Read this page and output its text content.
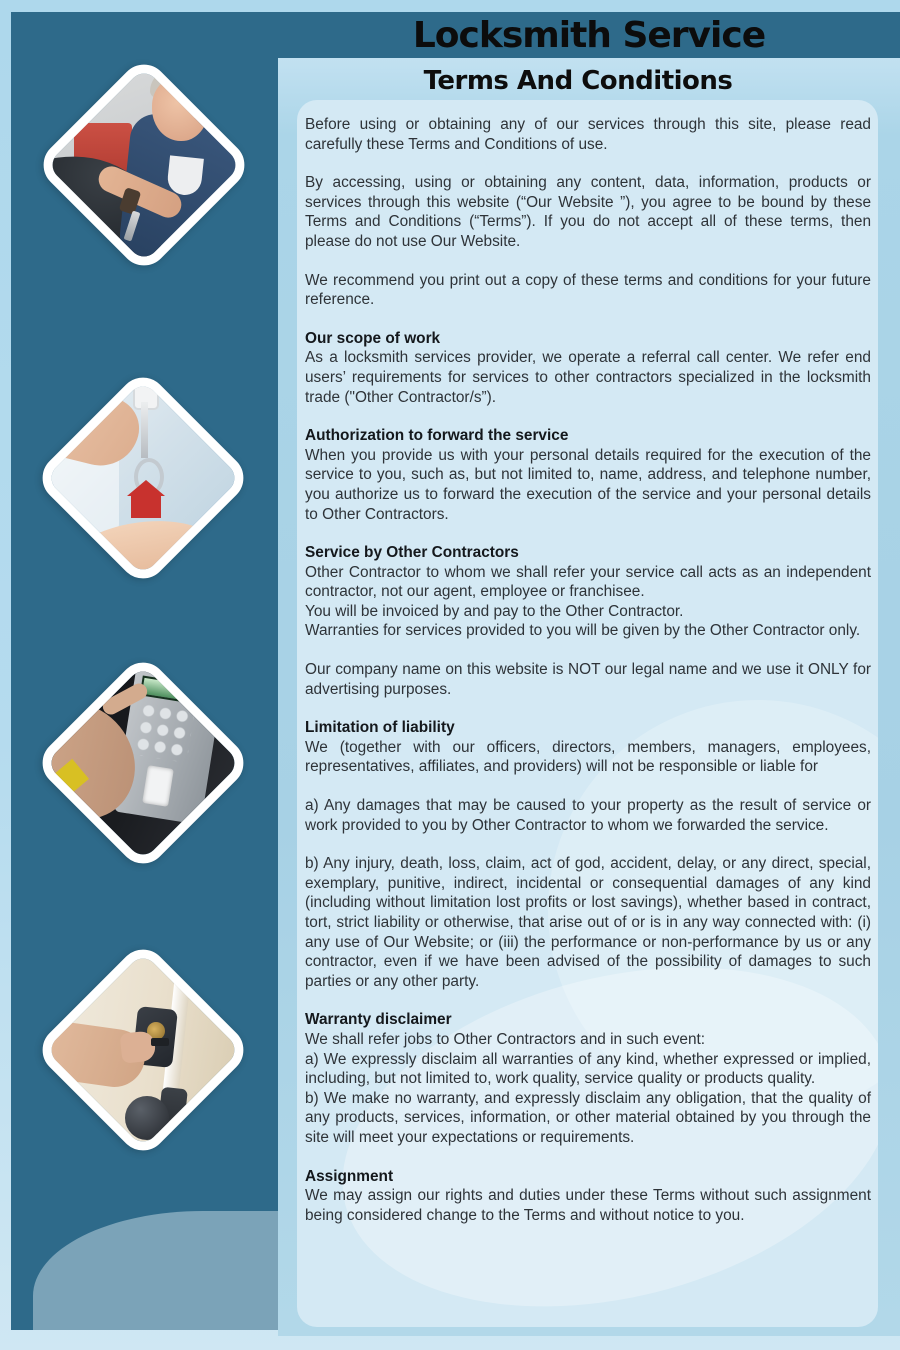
Locksmith Service
Terms And Conditions

Before using or obtaining any of our services through this site, please read carefully these Terms and Conditions of use.

By accessing, using or obtaining any content, data, information, products or services through this website (“Our Website ”), you agree to be bound by these Terms and Conditions (“Terms”). If you do not accept all of these terms, then please do not use Our Website.

We recommend you print out a copy of these terms and conditions for your future reference.

Our scope of work

As a locksmith services provider, we operate a referral call center. We refer end users’ requirements for services to other contractors specialized in the locksmith trade ("Other Contractor/s”).

Authorization to forward the service

When you provide us with your personal details required for the execution of the service to you, such as, but not limited to, name, address, and telephone number, you authorize us to forward the execution of the service and your personal details to Other Contractors.

Service by Other Contractors

Other Contractor to whom we shall refer your service call acts as an independent contractor, not our agent, employee or franchisee.

You will be invoiced by and pay to the Other Contractor.

Warranties for services provided to you will be given by the Other Contractor only.

Our company name on this website is NOT our legal name and we use it ONLY for advertising purposes.

Limitation of liability

We (together with our officers, directors, members, managers, employees, representatives, affiliates, and providers) will not be responsible or liable for

a) Any damages that may be caused to your property as the result of service or work provided to you by Other Contractor to whom we forwarded the service.

b) Any injury, death, loss, claim, act of god, accident, delay, or any direct, special, exemplary, punitive, indirect, incidental or consequential damages of any kind (including without limitation lost profits or lost savings), whether based in contract, tort, strict liability or otherwise, that arise out of or is in any way connected with: (i) any use of Our Website; or (iii) the performance or non-performance by us or any contractor, even if we have been advised of the possibility of damages to such parties or any other party.

Warranty disclaimer

We shall refer jobs to Other Contractors and in such event:

a) We expressly disclaim all warranties of any kind, whether expressed or implied, including, but not limited to, work quality, service quality or products quality.

b) We make no warranty, and expressly disclaim any obligation, that the quality of any products, services, information, or other material obtained by you through the site will meet your expectations or requirements.

Assignment

We may assign our rights and duties under these Terms without such assignment being considered change to the Terms and without notice to you.
